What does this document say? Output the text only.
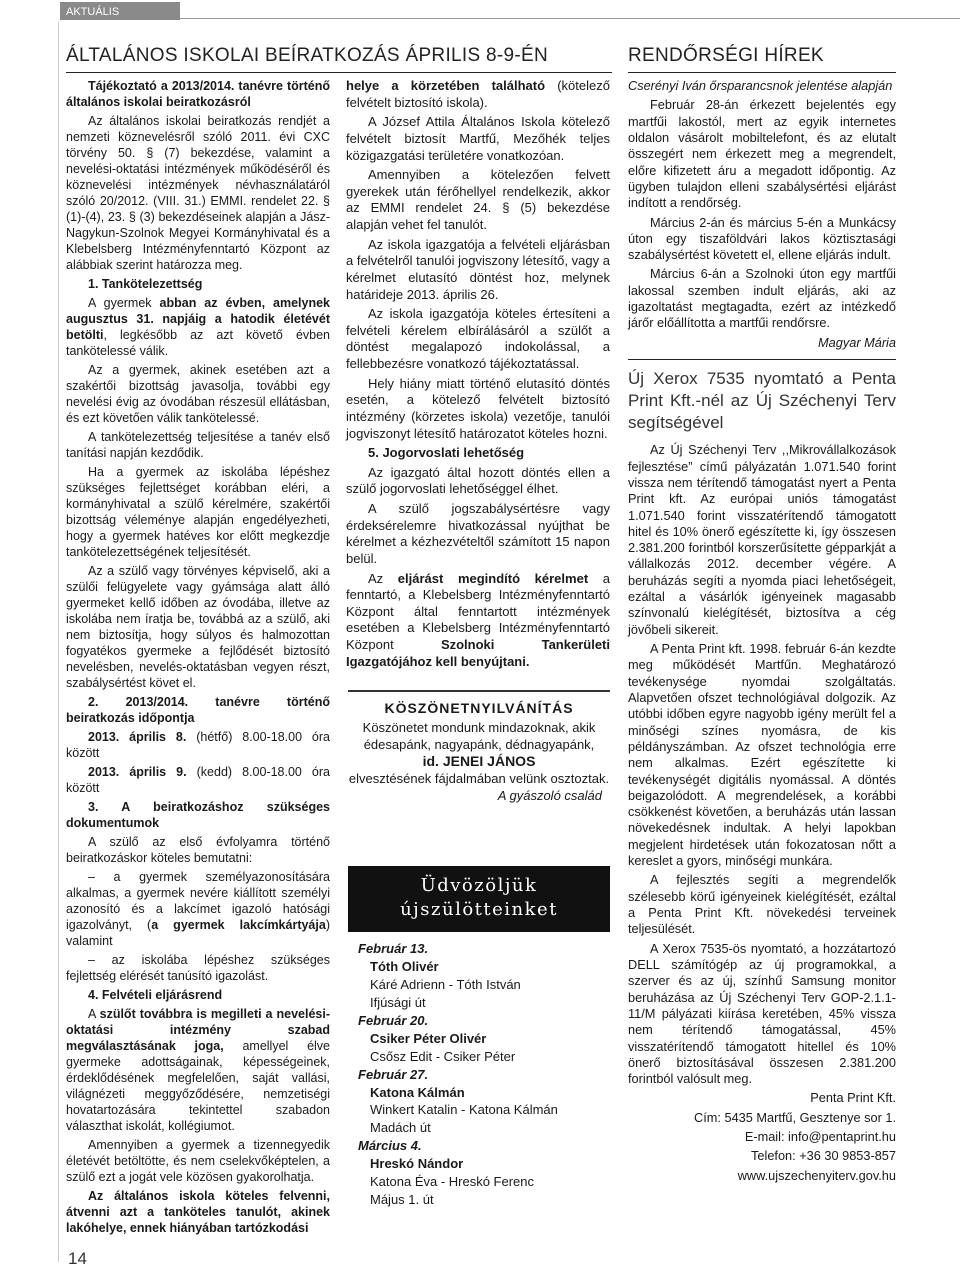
AKTUÁLIS
ÁLTALÁNOS ISKOLAI BEÍRATKOZÁS ÁPRILIS 8-9-ÉN	RENDŐRSÉGI HÍREK

Tájékoztató a 2013/2014. tanévre történő általános iskolai beiratkozásról

Az általános iskolai beiratkozás rendjét a nemzeti köznevelésről szóló 2011. évi CXC törvény 50. § (7) bekezdése, valamint a nevelési-oktatási intézmények működéséről és köznevelési intézmények névhasználatáról szóló 20/2012. (VIII. 31.) EMMI. rendelet 22. § (1)-(4), 23. § (3) bekezdéseinek alapján a Jász-Nagykun-Szolnok Megyei Kormányhivatal és a Klebelsberg Intézményfenntartó Központ az alábbiak szerint határozza meg.

1. Tankötelezettség

A gyermek abban az évben, amelynek augusztus 31. napjáig a hatodik életévét betölti, legkésőbb az azt követő évben tankötelessé válik.

Az a gyermek, akinek esetében azt a szakértői bizottság javasolja, további egy nevelési évig az óvodában részesül ellátásban, és ezt követően válik tankötelessé.

A tankötelezettség teljesítése a tanév első tanítási napján kezdődik.

Ha a gyermek az iskolába lépéshez szükséges fejlettséget korábban eléri, a kormányhivatal a szülő kérelmére, szakértői bizottság véleménye alapján engedélyezheti, hogy a gyermek hatéves kor előtt megkezdje tankötelezettségének teljesítését.

Az a szülő vagy törvényes képviselő, aki a szülői felügyelete vagy gyámsága alatt álló gyermeket kellő időben az óvodába, illetve az iskolába nem íratja be, továbbá az a szülő, aki nem biztosítja, hogy súlyos és halmozottan fogyatékos gyermeke a fejlődését biztosító nevelésben, nevelés-oktatásban vegyen részt, szabálysértést követ el.

2. 2013/2014. tanévre történő beiratkozás időpontja

2013. április 8. (hétfő) 8.00-18.00 óra között

2013. április 9. (kedd) 8.00-18.00 óra között

3. A beiratkozáshoz szükséges dokumentumok

A szülő az első évfolyamra történő beiratkozáskor köteles bemutatni:

– a gyermek személyazonosítására alkalmas, a gyermek nevére kiállított személyi azonosító és a lakcímet igazoló hatósági igazolványt, (a gyermek lakcímkártyája) valamint

– az iskolába lépéshez szükséges fejlettség elérését tanúsító igazolást.

4. Felvételi eljárásrend

A szülőt továbbra is megilleti a nevelési-oktatási intézmény szabad megválasztásának joga, amellyel élve gyermeke adottságainak, képességeinek, érdeklődésének megfelelően, saját vallási, világnézeti meggyőződésére, nemzetiségi hovatartozására tekintettel szabadon választhat iskolát, kollégiumot.

Amennyiben a gyermek a tizennegyedik életévét betöltötte, és nem cselekvőképtelen, a szülő ezt a jogát vele közösen gyakorolhatja.

Az általános iskola köteles felvenni, átvenni azt a tanköteles tanulót, akinek lakóhelye, ennek hiányában tartózkodási

helye a körzetében található (kötelező felvételt biztosító iskola).

A József Attila Általános Iskola kötelező felvételt biztosít Martfű, Mezőhék teljes közigazgatási területére vonatkozóan.

Amennyiben a kötelezően felvett gyerekek után férőhellyel rendelkezik, akkor az EMMI rendelet 24. § (5) bekezdése alapján vehet fel tanulót.

Az iskola igazgatója a felvételi eljárásban a felvételről tanulói jogviszony létesítő, vagy a kérelmet elutasító döntést hoz, melynek határideje 2013. április 26.

Az iskola igazgatója köteles értesíteni a felvételi kérelem elbírálásáról a szülőt a döntést megalapozó indokolással, a fellebbezésre vonatkozó tájékoztatással.

Hely hiány miatt történő elutasító döntés esetén, a kötelező felvételt biztosító intézmény (körzetes iskola) vezetője, tanulói jogviszonyt létesítő határozatot köteles hozni.

5. Jogorvoslati lehetőség

Az igazgató által hozott döntés ellen a szülő jogorvoslati lehetőséggel élhet.

A szülő jogszabálysértésre vagy érdeksérelemre hivatkozással nyújthat be kérelmet a kézhezvételtől számított 15 napon belül.

Az eljárást megindító kérelmet a fenntartó, a Klebelsberg Intézményfenntartó Központ által fenntartott intézmények esetében a Klebelsberg Intézményfenntartó Központ Szolnoki Tankerületi Igazgatójához kell benyújtani.

KÖSZÖNETNYILVÁNÍTÁS

Köszönetet mondunk mindazoknak, akik édesapánk, nagyapánk, dédnagyapánk,

id. JENEI JÁNOS

elvesztésének fájdalmában velünk osztoztak.

A gyászoló család

Üdvözöljük
újszülötteinket
Február 13.
Tóth Olivér
Káré Adrienn - Tóth István
Ifjúsági út
Február 20.
Csiker Péter Olivér
Csősz Edit - Csiker Péter
Február 27.
Katona Kálmán
Winkert Katalin - Katona Kálmán
Madách út
Március 4.
Hreskó Nándor
Katona Éva - Hreskó Ferenc
Május 1. út

Cserényi Iván őrsparancsnok jelentése alapján

Február 28-án érkezett bejelentés egy martfűi lakostól, mert az egyik internetes oldalon vásárolt mobiltelefont, és az elutalt összegért nem érkezett meg a megrendelt, előre kifizetett áru a megadott időpontig. Az ügyben tulajdon elleni szabálysértési eljárást indított a rendőrség.

Március 2-án és március 5-én a Munkácsy úton egy tiszaföldvári lakos köztisztasági szabálysértést követett el, ellene eljárás indult.

Március 6-án a Szolnoki úton egy martfűi lakossal szemben indult eljárás, aki az igazoltatást megtagadta, ezért az intézkedő járőr előállította a martfűi rendőrsre.

Magyar Mária

Új Xerox 7535 nyomtató a Penta Print Kft.-nél az Új Széchenyi Terv segítségével

Az Új Széchenyi Terv ,,Mikrovállalkozások fejlesztése” című pályázatán 1.071.540 forint vissza nem térítendő támogatást nyert a Penta Print kft. Az európai uniós támogatást 1.071.540 forint visszatérítendő támogatott hitel és 10% önerő egészítette ki, így összesen 2.381.200 forintból korszerűsítette gépparkját a vállalkozás 2012. december végére. A beruházás segíti a nyomda piaci lehetőségeit, ezáltal a vásárlók igényeinek magasabb színvonalú kielégítését, biztosítva a cég jövőbeli sikereit.

A Penta Print kft. 1998. február 6-án kezdte meg működését Martfűn. Meghatározó tevékenysége nyomdai szolgáltatás. Alapvetően ofszet technológiával dolgozik. Az utóbbi időben egyre nagyobb igény merült fel a minőségi színes nyomásra, de kis példányszámban. Az ofszet technológia erre nem alkalmas. Ezért egészítette ki tevékenységét digitális nyomással. A döntés beigazolódott. A megrendelések, a korábbi csökkenést követően, a beruházás után lassan növekedésnek indultak. A helyi lapokban megjelent hirdetések után fokozatosan nőtt a kereslet a gyors, minőségi munkára.

A fejlesztés segíti a megrendelők szélesebb körű igényeinek kielégítését, ezáltal a Penta Print Kft. növekedési terveinek teljesülését.

A Xerox 7535-ös nyomtató, a hozzátartozó DELL számítógép az új programokkal, a szerver és az új, színhű Samsung monitor beruházása az Új Széchenyi Terv GOP-2.1.1-11/M pályázati kiírása keretében, 45% vissza nem térítendő támogatással, 45% visszatérítendő támogatott hitellel és 10% önerő biztosításával összesen 2.381.200 forintból valósult meg.

Penta Print Kft.

Cím: 5435 Martfű, Gesztenye sor 1.

E-mail: info@pentaprint.hu

Telefon: +36 30 9853-857

www.ujszechenyiterv.gov.hu

14
